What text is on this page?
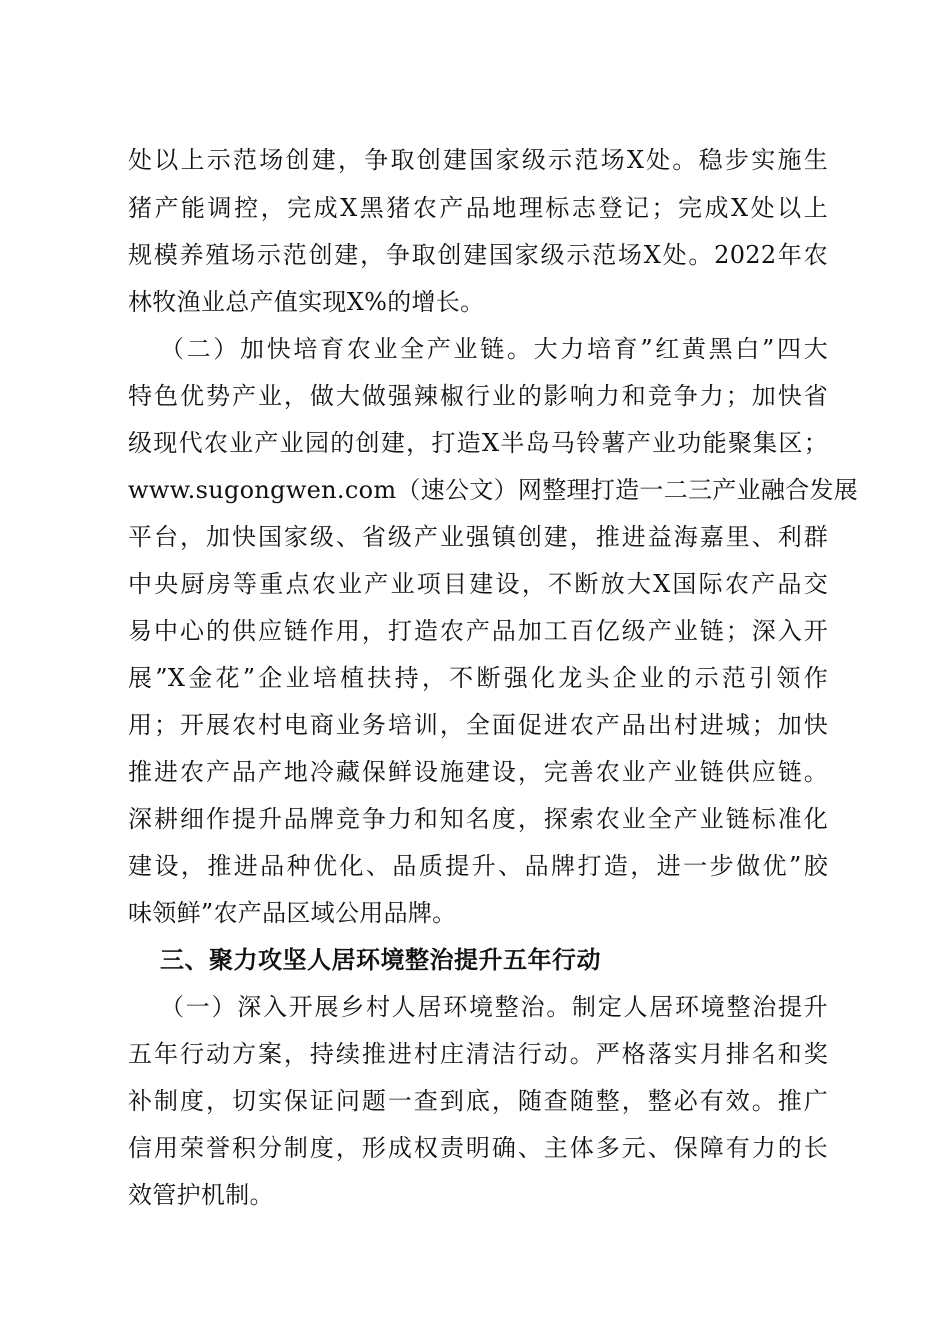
处以上示范场创建，争取创建国家级示范场X处。稳步实施生
猪产能调控，完成X黑猪农产品地理标志登记；完成X处以上
规模养殖场示范创建，争取创建国家级示范场X处。2022年农
林牧渔业总产值实现X%的增长。
（二）加快培育农业全产业链。大力培育”红黄黑白”四大
特色优势产业，做大做强辣椒行业的影响力和竞争力；加快省
级现代农业产业园的创建，打造X半岛马铃薯产业功能聚集区；
www.sugongwen.com（速公文）网整理打造一二三产业融合发展
平台，加快国家级、省级产业强镇创建，推进益海嘉里、利群
中央厨房等重点农业产业项目建设，不断放大X国际农产品交
易中心的供应链作用，打造农产品加工百亿级产业链；深入开
展”X金花”企业培植扶持，不断强化龙头企业的示范引领作
用；开展农村电商业务培训，全面促进农产品出村进城；加快
推进农产品产地冷藏保鲜设施建设，完善农业产业链供应链。
深耕细作提升品牌竞争力和知名度，探索农业全产业链标准化
建设，推进品种优化、品质提升、品牌打造，进一步做优”胶
味领鲜”农产品区域公用品牌。
三、聚力攻坚人居环境整治提升五年行动
（一）深入开展乡村人居环境整治。制定人居环境整治提升
五年行动方案，持续推进村庄清洁行动。严格落实月排名和奖
补制度，切实保证问题一查到底，随查随整，整必有效。推广
信用荣誉积分制度，形成权责明确、主体多元、保障有力的长
效管护机制。
